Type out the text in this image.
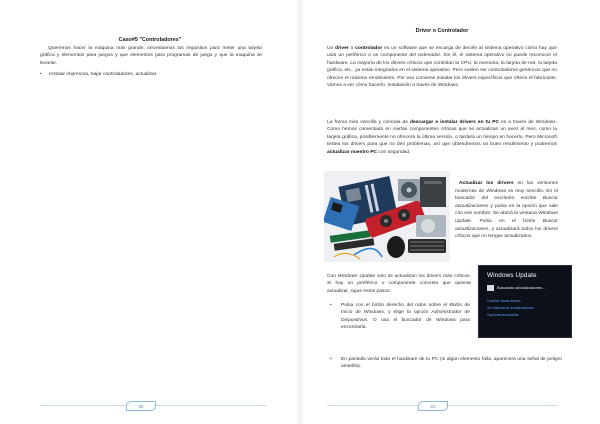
Caso#5 "Controladores"
Queremos hacer la maquina más grande, necesitamos los requisitos para meter una tarjeta gráfica y elementos para juegos y que elementos para programas de juego y que la maquina se levante.
• Instalar impresora, bajar controladores, actualizar.
80	81
Driver o Controlador
Un driver o controlador es un software que se encarga de decirle al sistema operativo cómo hay que usar un periférico o un componente del ordenador. Sin él, el sistema operativo no puede reconocer el hardware. La mayoría de los drivers críticos que controlan la CPU, la memoria, la tarjeta de red, la tarjeta gráfica, etc., ya están integrados en el sistema operativo. Pero suelen ser controladores genéricos que no ofrecen el máximo rendimiento. Por eso conviene instalar los drivers específicos que ofrece el fabricante. Vamos a ver cómo hacerlo. Instalación a través de Windows.
La forma más sencilla y cómoda de descargar e instalar drivers en tu PC es a través de Windows. Como hemos comentado en ciertas componentes críticas que se actualizan un avez al mes, como la tarjeta gráfica, posiblemente no ofrecerá la última versión, o tardará un tiempo en hacerlo. Pero Microsoft testea los drivers para que no den problemas, así que obtendremos un buen rendimiento y podremos actualizar nuestro PC con seguridad.
Actualizar los drivers en las versiones modernas de Windows es muy sencillo. En el buscador del escritorio escribe Buscar actualizaciones y pulsa en la opción que sale con ese nombre. Se abrirá la ventana Windows Update. Pulsa en el botón Buscar actualizaciones, y actualizará todos los drivers críticos que no tengas actualizados.
Con Windows Update solo se actualizan los drivers más críticos. Si hay un periférico o componente concreto que quieras actualizar, sigue estos pasos:
• Pulsa con el botón derecho del ratón sobre el Botón de Inicio de Windows, y elige la opción Administrador de Dispositivos. O usa el buscador de Windows para encontrarla.
• En pantalla verás todo el hardware de tu PC (si algún elemento falla, aparecerá una señal de peligro amarilla).
Windows Update
Buscando actualizaciones...
Cambiar horas activas
Ver historial de actualizaciones
Opciones avanzadas
